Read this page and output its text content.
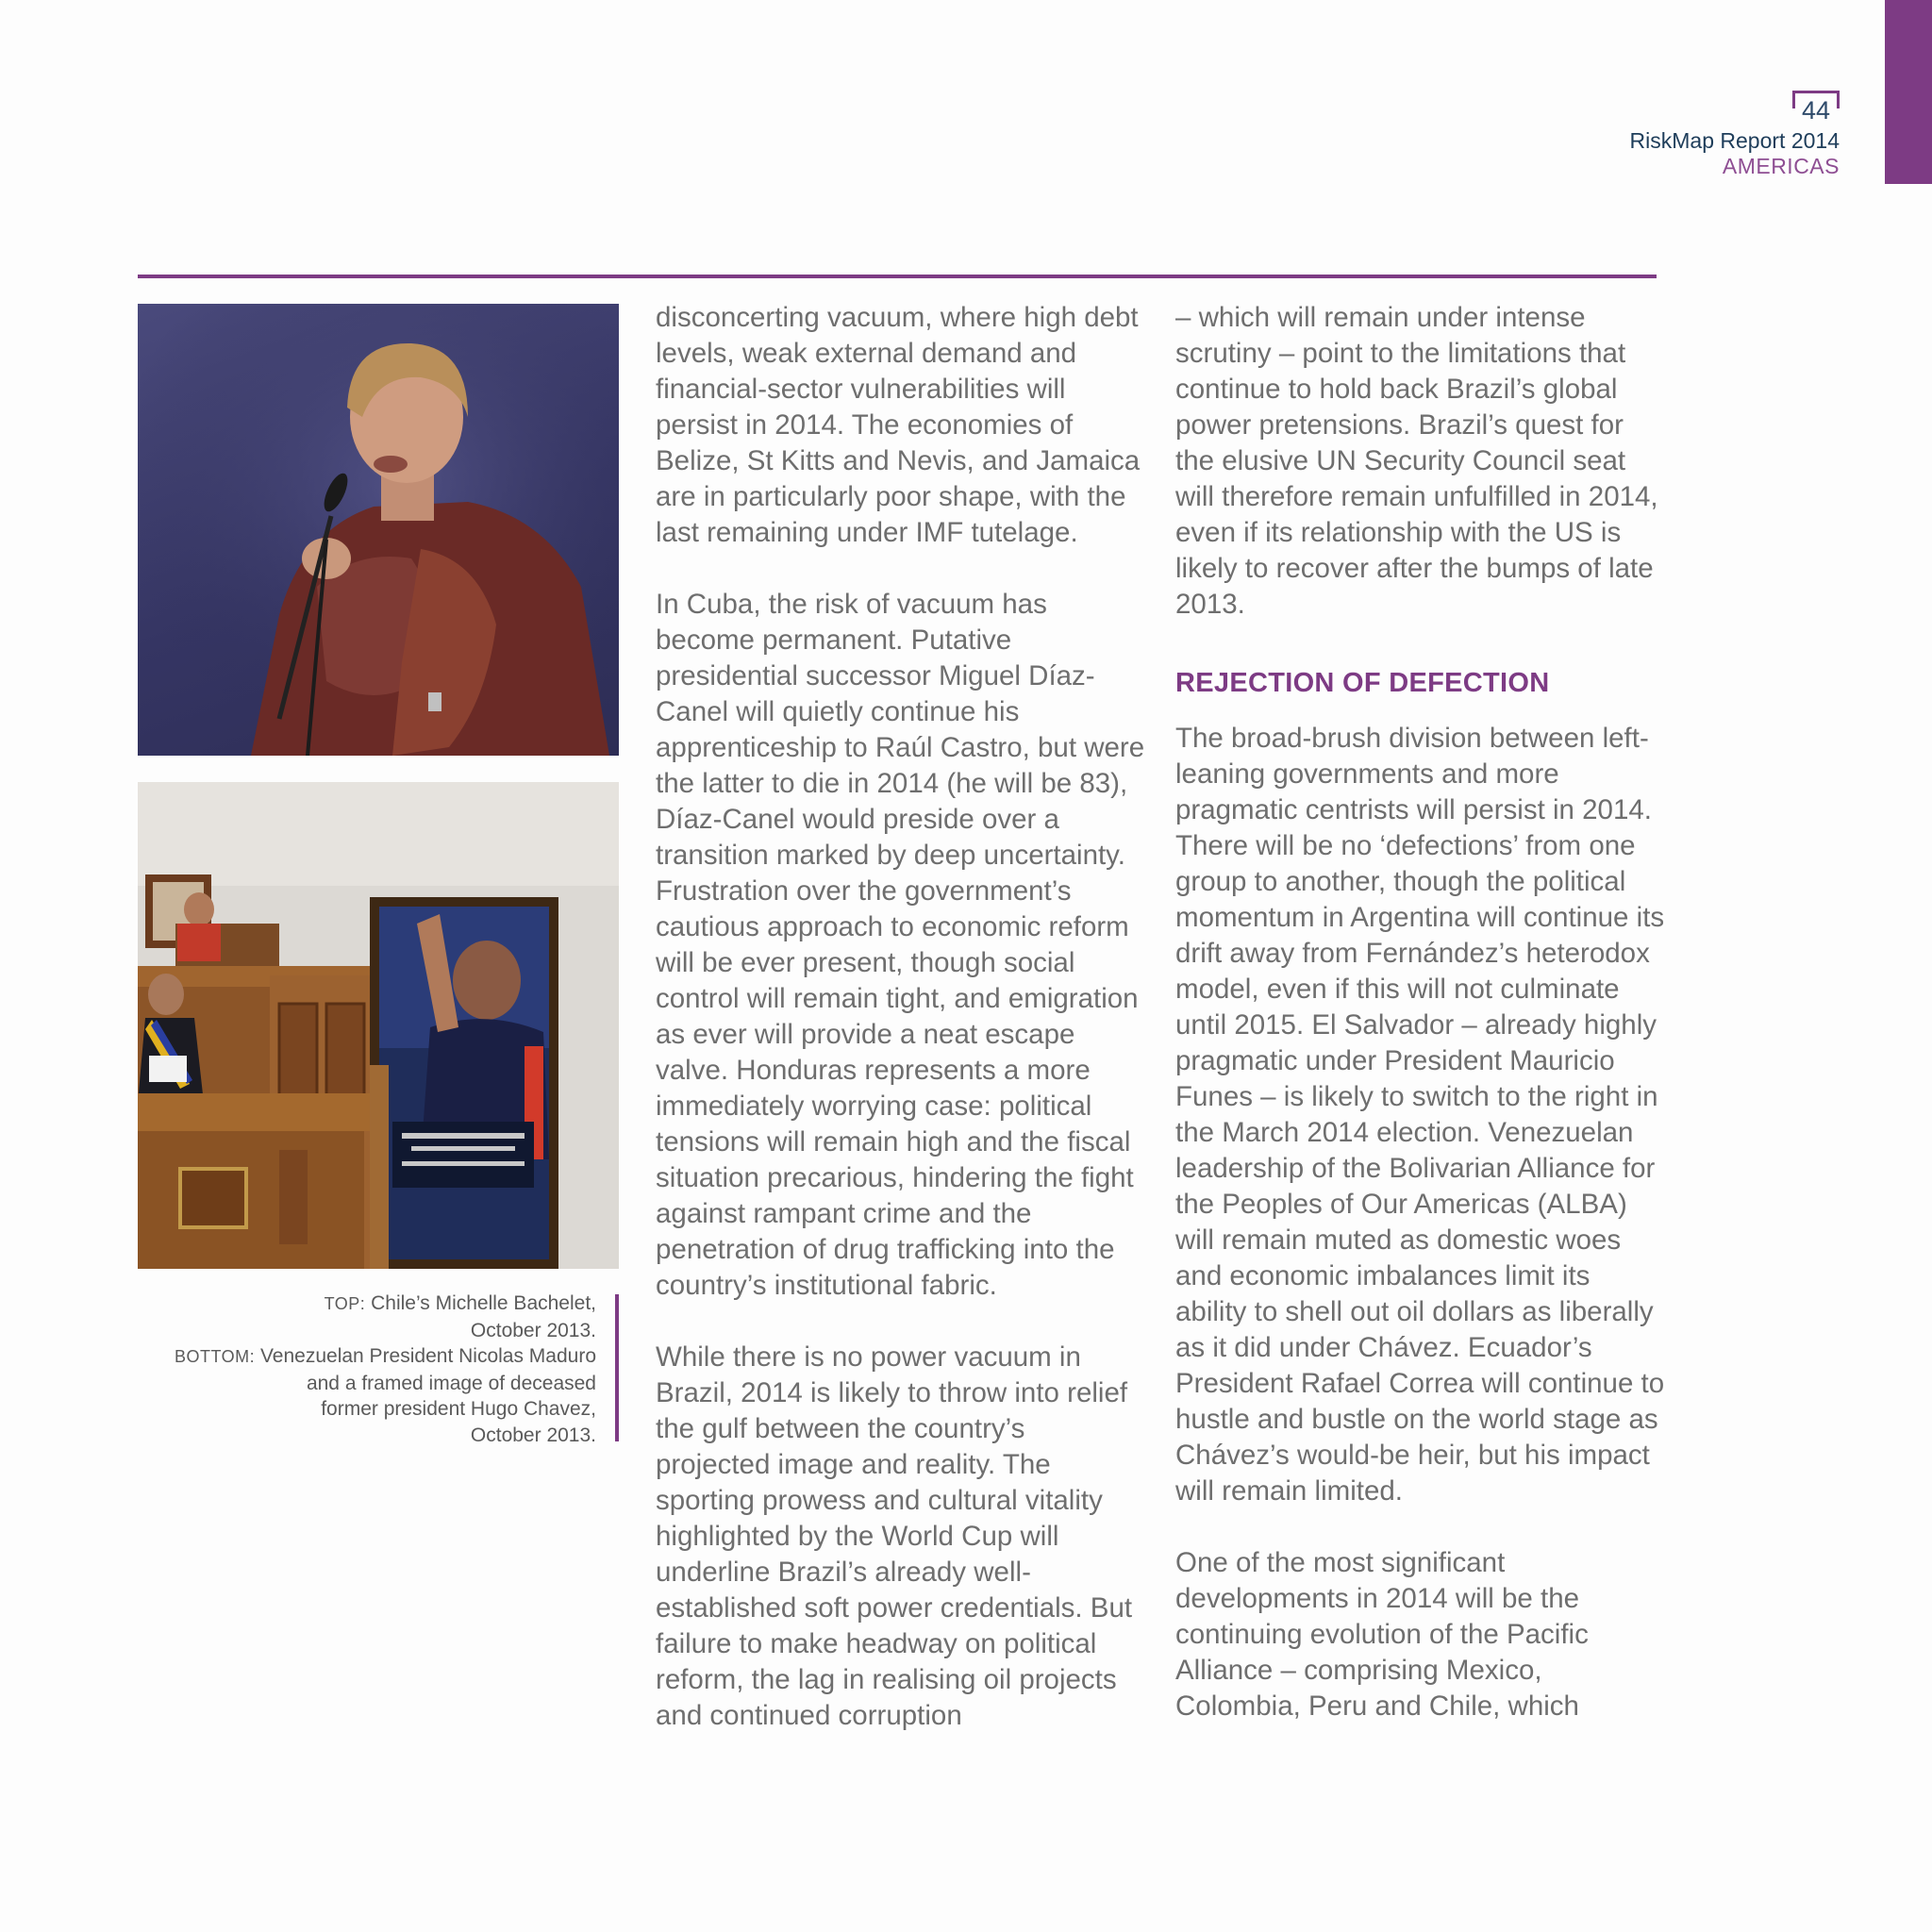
44
RiskMap Report 2014
AMERICAS
TOP: Chile’s Michelle Bachelet,
October 2013.
BOTTOM: Venezuelan President Nicolas Maduro
and a framed image of deceased
former president Hugo Chavez,
October 2013.

disconcerting vacuum, where high debt levels, weak external demand and financial-sector vulnerabilities will persist in 2014. The economies of Belize, St Kitts and Nevis, and Jamaica are in particularly poor shape, with the last remaining under IMF tutelage.

In Cuba, the risk of vacuum has become permanent. Putative presidential successor Miguel Díaz-Canel will quietly continue his apprenticeship to Raúl Castro, but were the latter to die in 2014 (he will be 83), Díaz-Canel would preside over a transition marked by deep uncertainty. Frustration over the government’s cautious approach to economic reform will be ever present, though social control will remain tight, and emigration as ever will provide a neat escape valve. Honduras represents a more immediately worrying case: political tensions will remain high and the fiscal situation precarious, hindering the fight against rampant crime and the penetration of drug trafficking into the country’s institutional fabric.

While there is no power vacuum in Brazil, 2014 is likely to throw into relief the gulf between the country’s projected image and reality. The sporting prowess and cultural vitality highlighted by the World Cup will underline Brazil’s already well-established soft power credentials. But failure to make headway on political reform, the lag in realising oil projects and continued corruption

– which will remain under intense scrutiny – point to the limitations that continue to hold back Brazil’s global power pretensions. Brazil’s quest for the elusive UN Security Council seat will therefore remain unfulfilled in 2014, even if its relationship with the US is likely to recover after the bumps of late 2013.

REJECTION OF DEFECTION

The broad-brush division between left-leaning governments and more pragmatic centrists will persist in 2014. There will be no ‘defections’ from one group to another, though the political momentum in Argentina will continue its drift away from Fernández’s heterodox model, even if this will not culminate until 2015. El Salvador – already highly pragmatic under President Mauricio Funes – is likely to switch to the right in the March 2014 election. Venezuelan leadership of the Bolivarian Alliance for the Peoples of Our Americas (ALBA) will remain muted as domestic woes and economic imbalances limit its ability to shell out oil dollars as liberally as it did under Chávez. Ecuador’s President Rafael Correa will continue to hustle and bustle on the world stage as Chávez’s would-be heir, but his impact will remain limited.

One of the most significant developments in 2014 will be the continuing evolution of the Pacific Alliance – comprising Mexico, Colombia, Peru and Chile, which
